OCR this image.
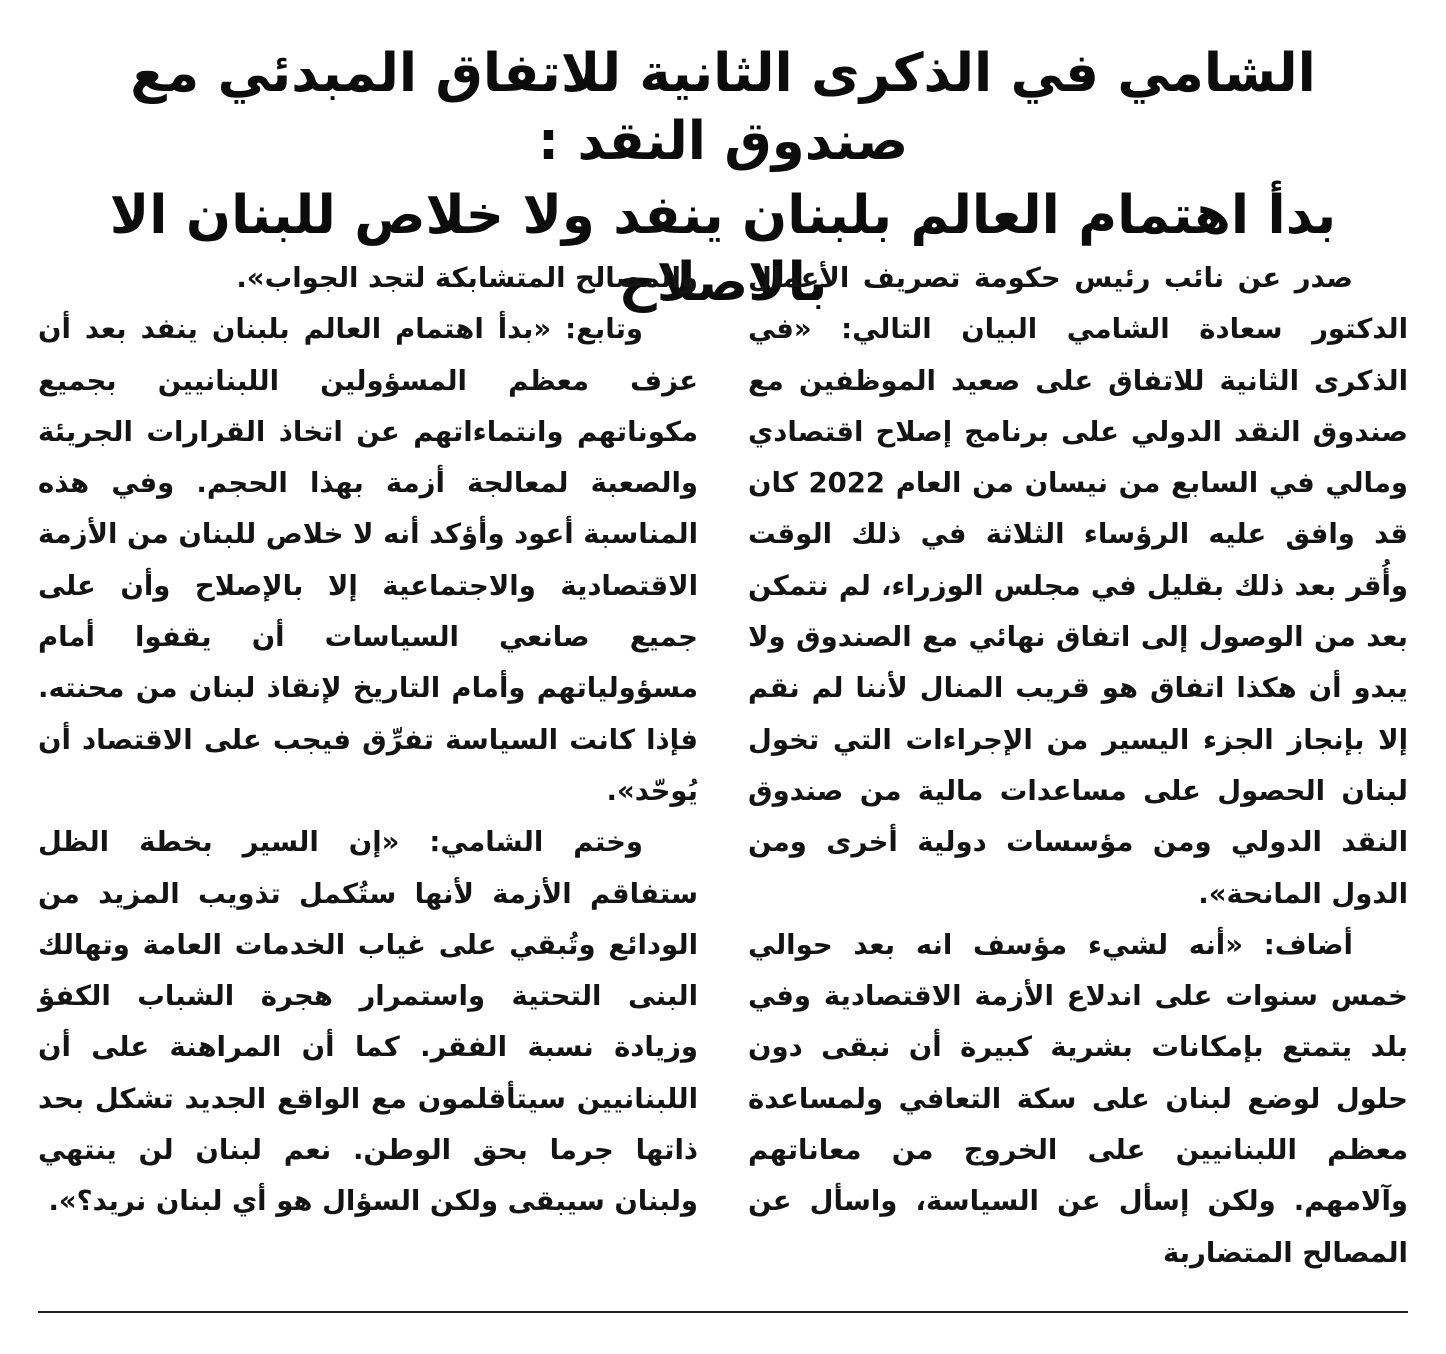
الشامي في الذكرى الثانية للاتفاق المبدئي مع صندوق النقد :
بدأ اهتمام العالم بلبنان ينفد ولا خلاص للبنان الا بالاصلاح

صدر عن نائب رئيس حكومة تصريف الأعمال الدكتور سعادة الشامي البيان التالي: «في الذكرى الثانية للاتفاق على صعيد الموظفين مع صندوق النقد الدولي على برنامج إصلاح اقتصادي ومالي في السابع من نيسان من العام 2022 كان قد وافق عليه الرؤساء الثلاثة في ذلك الوقت وأُقر بعد ذلك بقليل في مجلس الوزراء، لم نتمكن بعد من الوصول إلى اتفاق نهائي مع الصندوق ولا يبدو أن هكذا اتفاق هو قريب المنال لأننا لم نقم إلا بإنجاز الجزء اليسير من الإجراءات التي تخول لبنان الحصول على مساعدات مالية من صندوق النقد الدولي ومن مؤسسات دولية أخرى ومن الدول المانحة».

أضاف: «أنه لشيء مؤسف انه بعد حوالي خمس سنوات على اندلاع الأزمة الاقتصادية وفي بلد يتمتع بإمكانات بشرية كبيرة أن نبقى دون حلول لوضع لبنان على سكة التعافي ولمساعدة معظم اللبنانيين على الخروج من معاناتهم وآلامهم. ولكن إسأل عن السياسة، واسأل عن المصالح المتضاربة

والمصالح المتشابكة لتجد الجواب».

وتابع: «بدأ اهتمام العالم بلبنان ينفد بعد أن عزف معظم المسؤولين اللبنانيين بجميع مكوناتهم وانتماءاتهم عن اتخاذ القرارات الجريئة والصعبة لمعالجة أزمة بهذا الحجم. وفي هذه المناسبة أعود وأؤكد أنه لا خلاص للبنان من الأزمة الاقتصادية والاجتماعية إلا بالإصلاح وأن على جميع صانعي السياسات أن يقفوا أمام مسؤولياتهم وأمام التاريخ لإنقاذ لبنان من محنته. فإذا كانت السياسة تفرِّق فيجب على الاقتصاد أن يُوحّد».

وختم الشامي: «إن السير بخطة الظل ستفاقم الأزمة لأنها ستُكمل تذويب المزيد من الودائع وتُبقي على غياب الخدمات العامة وتهالك البنى التحتية واستمرار هجرة الشباب الكفؤ وزيادة نسبة الفقر. كما أن المراهنة على أن اللبنانيين سيتأقلمون مع الواقع الجديد تشكل بحد ذاتها جرما بحق الوطن. نعم لبنان لن ينتهي ولبنان سيبقى ولكن السؤال هو أي لبنان نريد؟».
